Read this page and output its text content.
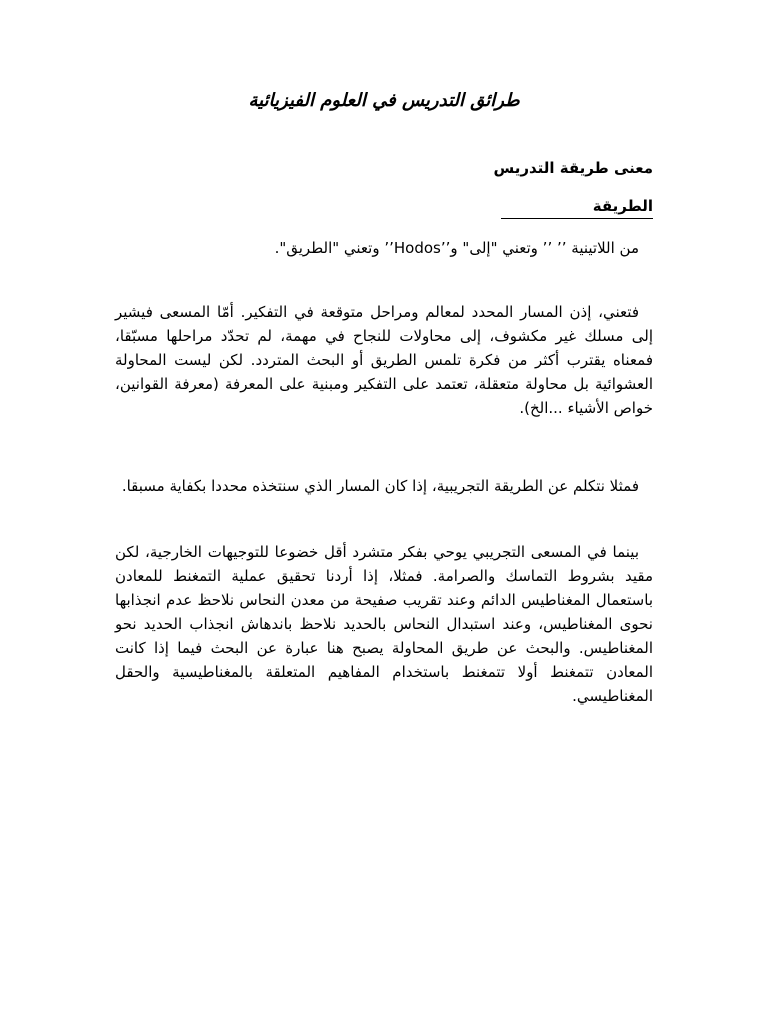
طرائق التدريس في العلوم الفيزيائية
معنى طريقة التدريس
الطريقة

من اللاتينية ’’ ’’ وتعني "إلى" و’’Hodos’’ وتعني "الطريق".

فتعني، إذن المسار المحدد لمعالم ومراحل متوقعة في التفكير. أمّا المسعى فيشير إلى مسلك غير مكشوف، إلى محاولات للنجاح في مهمة، لم تحدّد مراحلها مسبّقا، فمعناه يقترب أكثر من فكرة تلمس الطريق أو البحث المتردد. لكن ليست المحاولة العشوائية بل محاولة متعقلة، تعتمد على التفكير ومبنية على المعرفة (معرفة القوانين، خواص الأشياء ...الخ).

فمثلا نتكلم عن الطريقة التجريبية، إذا كان المسار الذي سنتخذه محددا بكفاية مسبقا.

بينما في المسعى التجريبي يوحي بفكر متشرد أقل خضوعا للتوجيهات الخارجية، لكن مقيد بشروط التماسك والصرامة. فمثلا، إذا أردنا تحقيق عملية التمغنط للمعادن باستعمال المغناطيس الدائم وعند تقريب صفيحة من معدن النحاس نلاحظ عدم انجذابها نحوى المغناطيس، وعند استبدال النحاس بالحديد نلاحظ باندهاش انجذاب الحديد نحو المغناطيس. والبحث عن طريق المحاولة يصبح هنا عبارة عن البحث فيما إذا كانت المعادن تتمغنط أولا تتمغنط باستخدام المفاهيم المتعلقة بالمغناطيسية والحقل المغناطيسي.
